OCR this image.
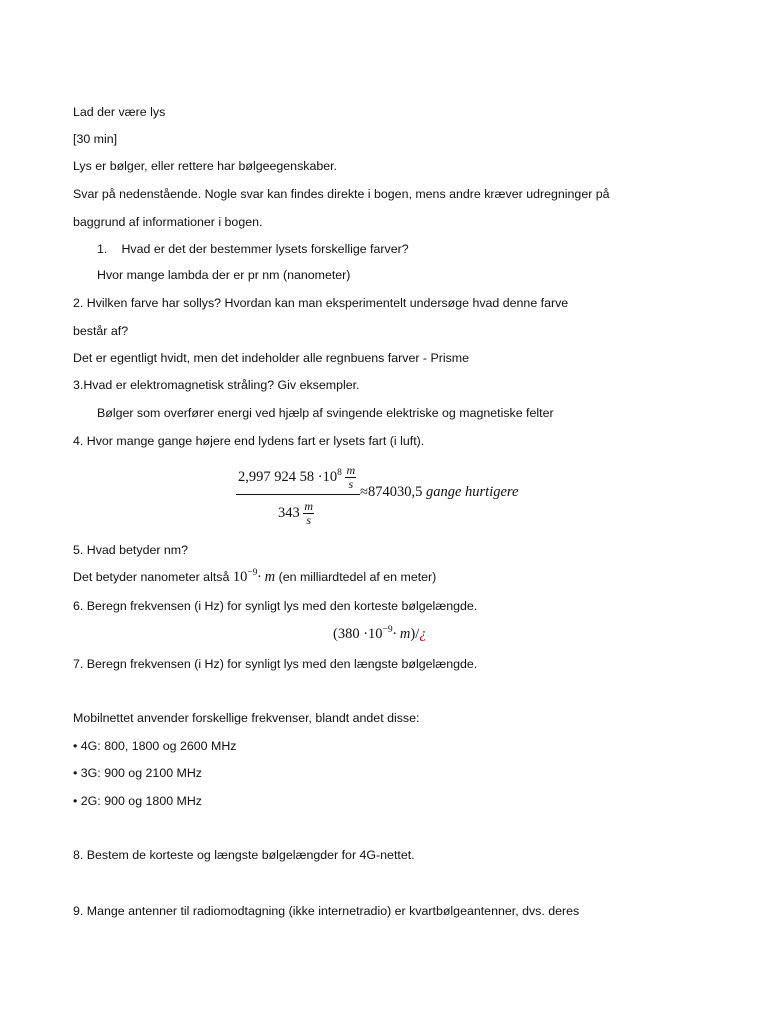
Lad der være lys
[30 min]
Lys er bølger, eller rettere har bølgeegenskaber.
Svar på nedenstående. Nogle svar kan findes direkte i bogen, mens andre kræver udregninger på
baggrund af informationer i bogen.
1. Hvad er det der bestemmer lysets forskellige farver?
Hvor mange lambda der er pr nm (nanometer)
2. Hvilken farve har sollys? Hvordan kan man eksperimentelt undersøge hvad denne farve
består af?
Det er egentligt hvidt, men det indeholder alle regnbuens farver - Prisme
3.Hvad er elektromagnetisk stråling? Giv eksempler.
Bølger som overfører energi ved hjælp af svingende elektriske og magnetiske felter
4. Hvor mange gange højere end lydens fart er lysets fart (i luft).
2,997 924 $58 \cdot 10^8 \frac{m}{s}$
$343 \frac{m}{s}$
≈874030,5 gange hurtigere
5. Hvad betyder nm?
Det betyder nanometer altså $10^{-9}\cdot m$ (en milliardtedel af en meter)
6. Beregn frekvensen (i Hz) for synligt lys med den korteste bølgelængde.
($380 \cdot 10^{-9}\cdot$ m)/¿
7. Beregn frekvensen (i Hz) for synligt lys med den længste bølgelængde.
Mobilnettet anvender forskellige frekvenser, blandt andet disse:
• 4G: 800, 1800 og 2600 MHz
• 3G: 900 og 2100 MHz
• 2G: 900 og 1800 MHz
8. Bestem de korteste og længste bølgelængder for 4G-nettet.
9. Mange antenner til radiomodtagning (ikke internetradio) er kvartbølgeantenner, dvs. deres
